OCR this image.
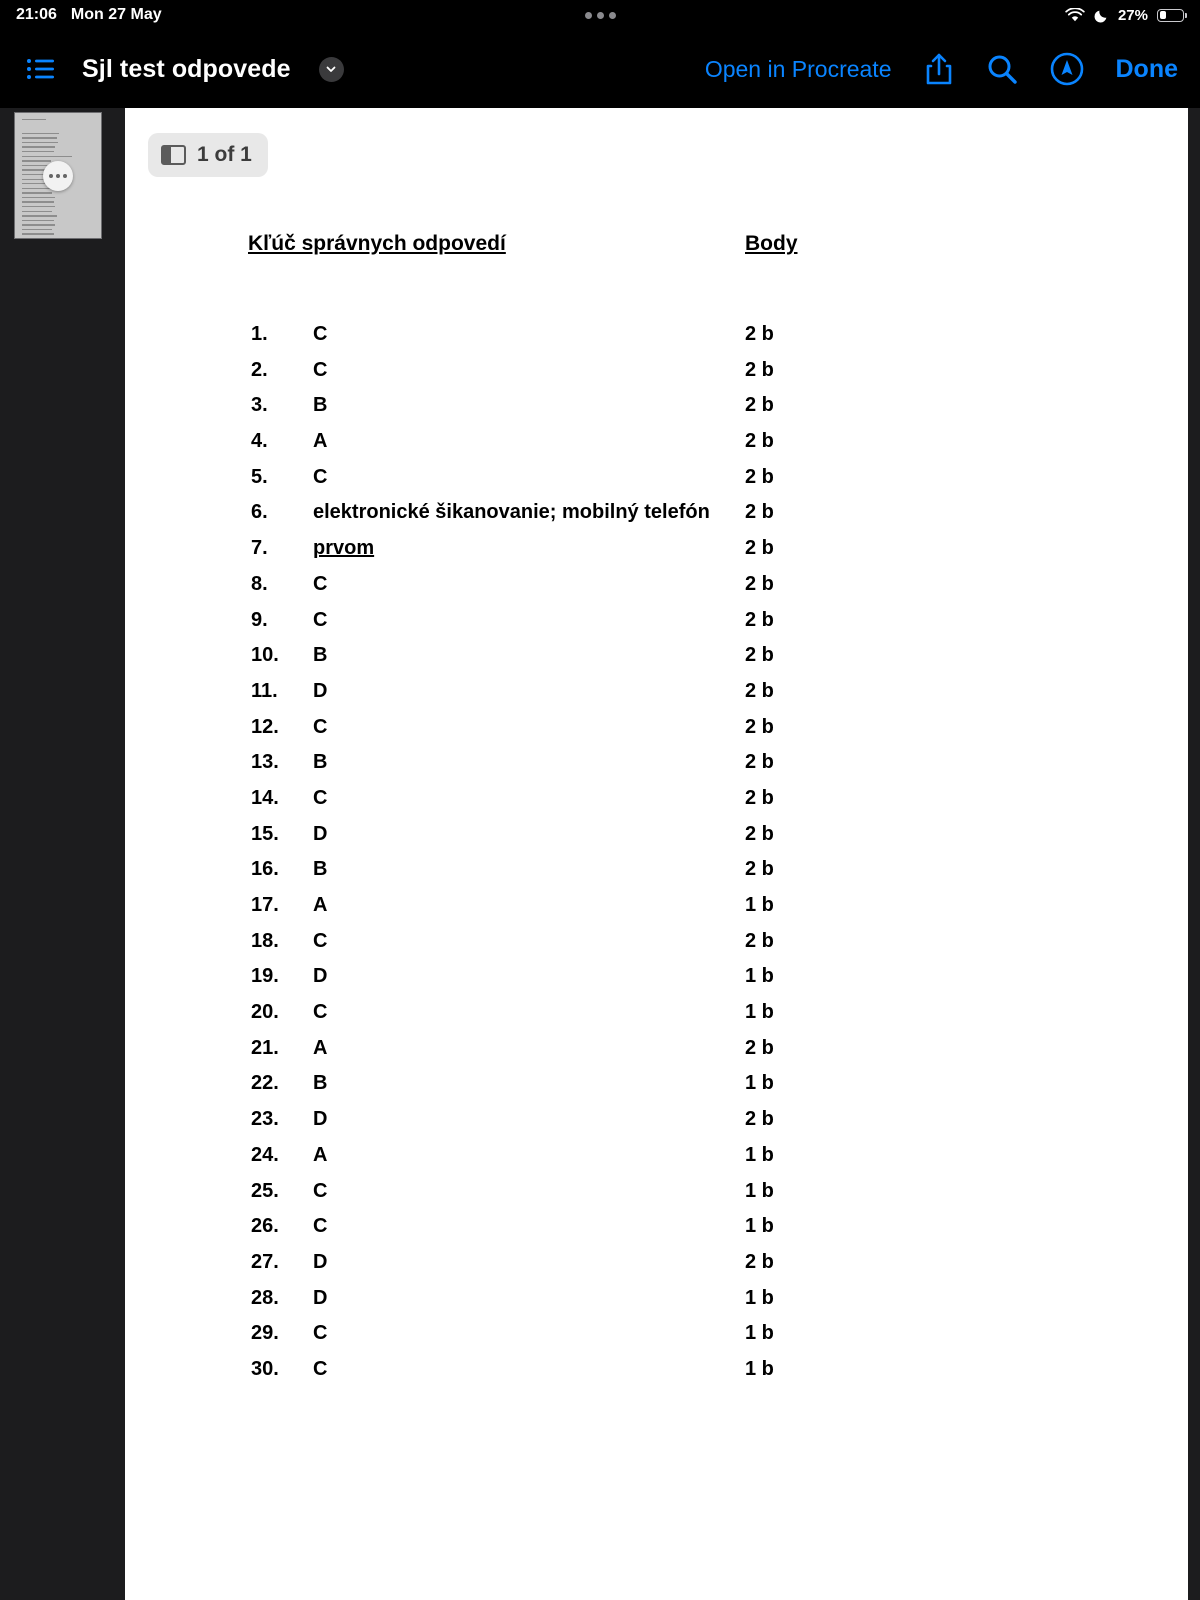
21:06 Mon 27 May	27%
Sjl test odpovede	Open in Procreate	Done
1 of 1
Kľúč správnych odpovedí	Body
1.	C	2 b
2.	C	2 b
3.	B	2 b
4.	A	2 b
5.	C	2 b
6.	elektronické šikanovanie; mobilný telefón 2 b
7.	prvom	2 b
8.	C	2 b
9.	C	2 b
10.	B	2 b
11.	D	2 b
12.	C	2 b
13.	B	2 b
14.	C	2 b
15.	D	2 b
16.	B	2 b
17.	A	1 b
18.	C	2 b
19.	D	1 b
20.	C	1 b
21.	A	2 b
22.	B	1 b
23.	D	2 b
24.	A	1 b
25.	C	1 b
26.	C	1 b
27.	D	2 b
28.	D	1 b
29.	C	1 b
30.	C	1 b
